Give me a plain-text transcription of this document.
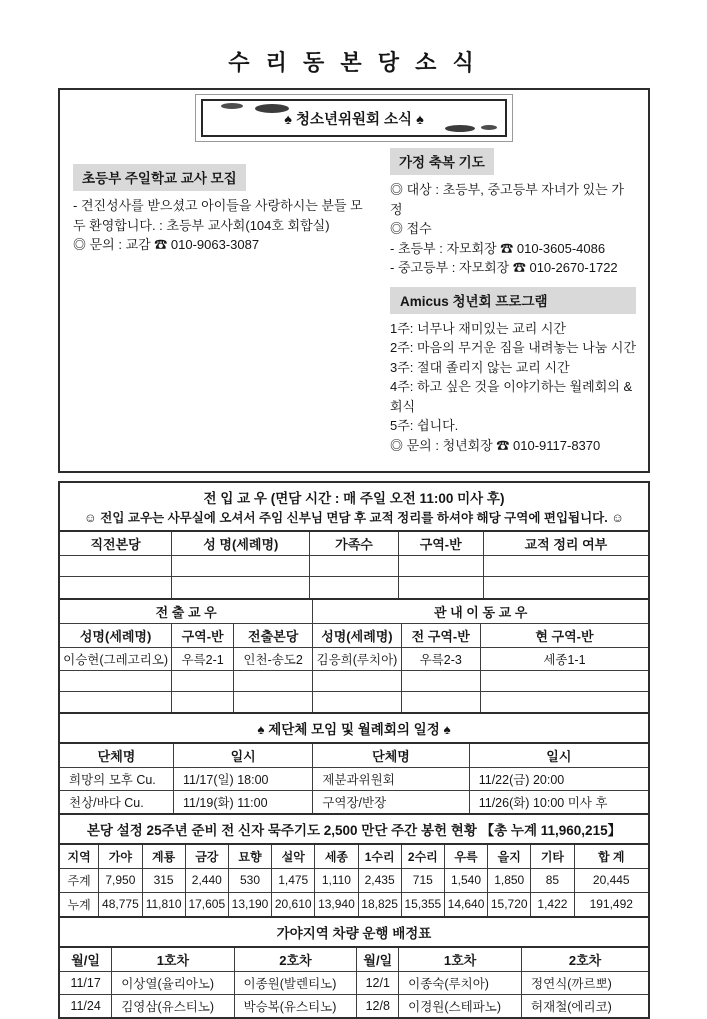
수 리 동 본 당 소 식
♠ 청소년위원회 소식 ♠
초등부 주일학교 교사 모집
- 견진성사를 받으셨고 아이들을 사랑하시는 분들 모두 환영합니다. : 초등부 교사회(104호 회합실)
◎ 문의 : 교감 ☎ 010-9063-3087
가정 축복 기도
◎ 대상 : 초등부, 중고등부 자녀가 있는 가정
◎ 접수
- 초등부 : 자모회장 ☎ 010-3605-4086
- 중고등부 : 자모회장 ☎ 010-2670-1722
Amicus 청년회 프로그램
1주: 너무나 재미있는 교리 시간
2주: 마음의 무거운 짐을 내려놓는 나눔 시간
3주: 절대 졸리지 않는 교리 시간
4주: 하고 싶은 것을 이야기하는 월례회의 & 회식
5주: 쉽니다.
◎ 문의 : 청년회장 ☎ 010-9117-8370
전 입 교 우 (면담 시간 : 매 주일 오전 11:00 미사 후)
☺ 전입 교우는 사무실에 오셔서 주임 신부님 면담 후 교적 정리를 하셔야 해당 구역에 편입됩니다. ☺
직전본당	성 명(세례명)	가족수	구역-반	교적 정리 여부

전 출 교 우			관 내 이 동 교 우		
성명(세례명)	구역-반	전출본당	성명(세례명)	전 구역-반	현 구역-반
이승현(그레고리오)	우륵2-1	인천-송도2	김응희(루치아)	우륵2-3	세종1-1

♠ 제단체 모임 및 월례회의 일정 ♠
단체명	일시	단체명	일시
희망의 모후 Cu.	11/17(일) 18:00	제분과위원회	11/22(금) 20:00
천상/바다 Cu.	11/19(화) 11:00	구역장/반장	11/26(화) 10:00 미사 후
본당 설정 25주년 준비 전 신자 묵주기도 2,500 만단 주간 봉헌 현황 【총 누계 11,960,215】
지역	가야	계룡	금강	묘향	설악	세종	1수리	2수리	우륵	을지	기타	합 계
주계	7,950	315	2,440	530	1,475	1,110	2,435	715	1,540	1,850	85	20,445
누계	48,775	11,810	17,605	13,190	20,610	13,940	18,825	15,355	14,640	15,720	1,422	191,492
가야지역 차량 운행 배정표
월/일	1호차	2호차	월/일	1호차	2호차
11/17	이상열(율리아노)	이종원(발렌티노)	12/1	이종숙(루치아)	정연식(까르뽀)
11/24	김영삼(유스티노)	박승복(유스티노)	12/8	이경원(스테파노)	허재철(에리코)
